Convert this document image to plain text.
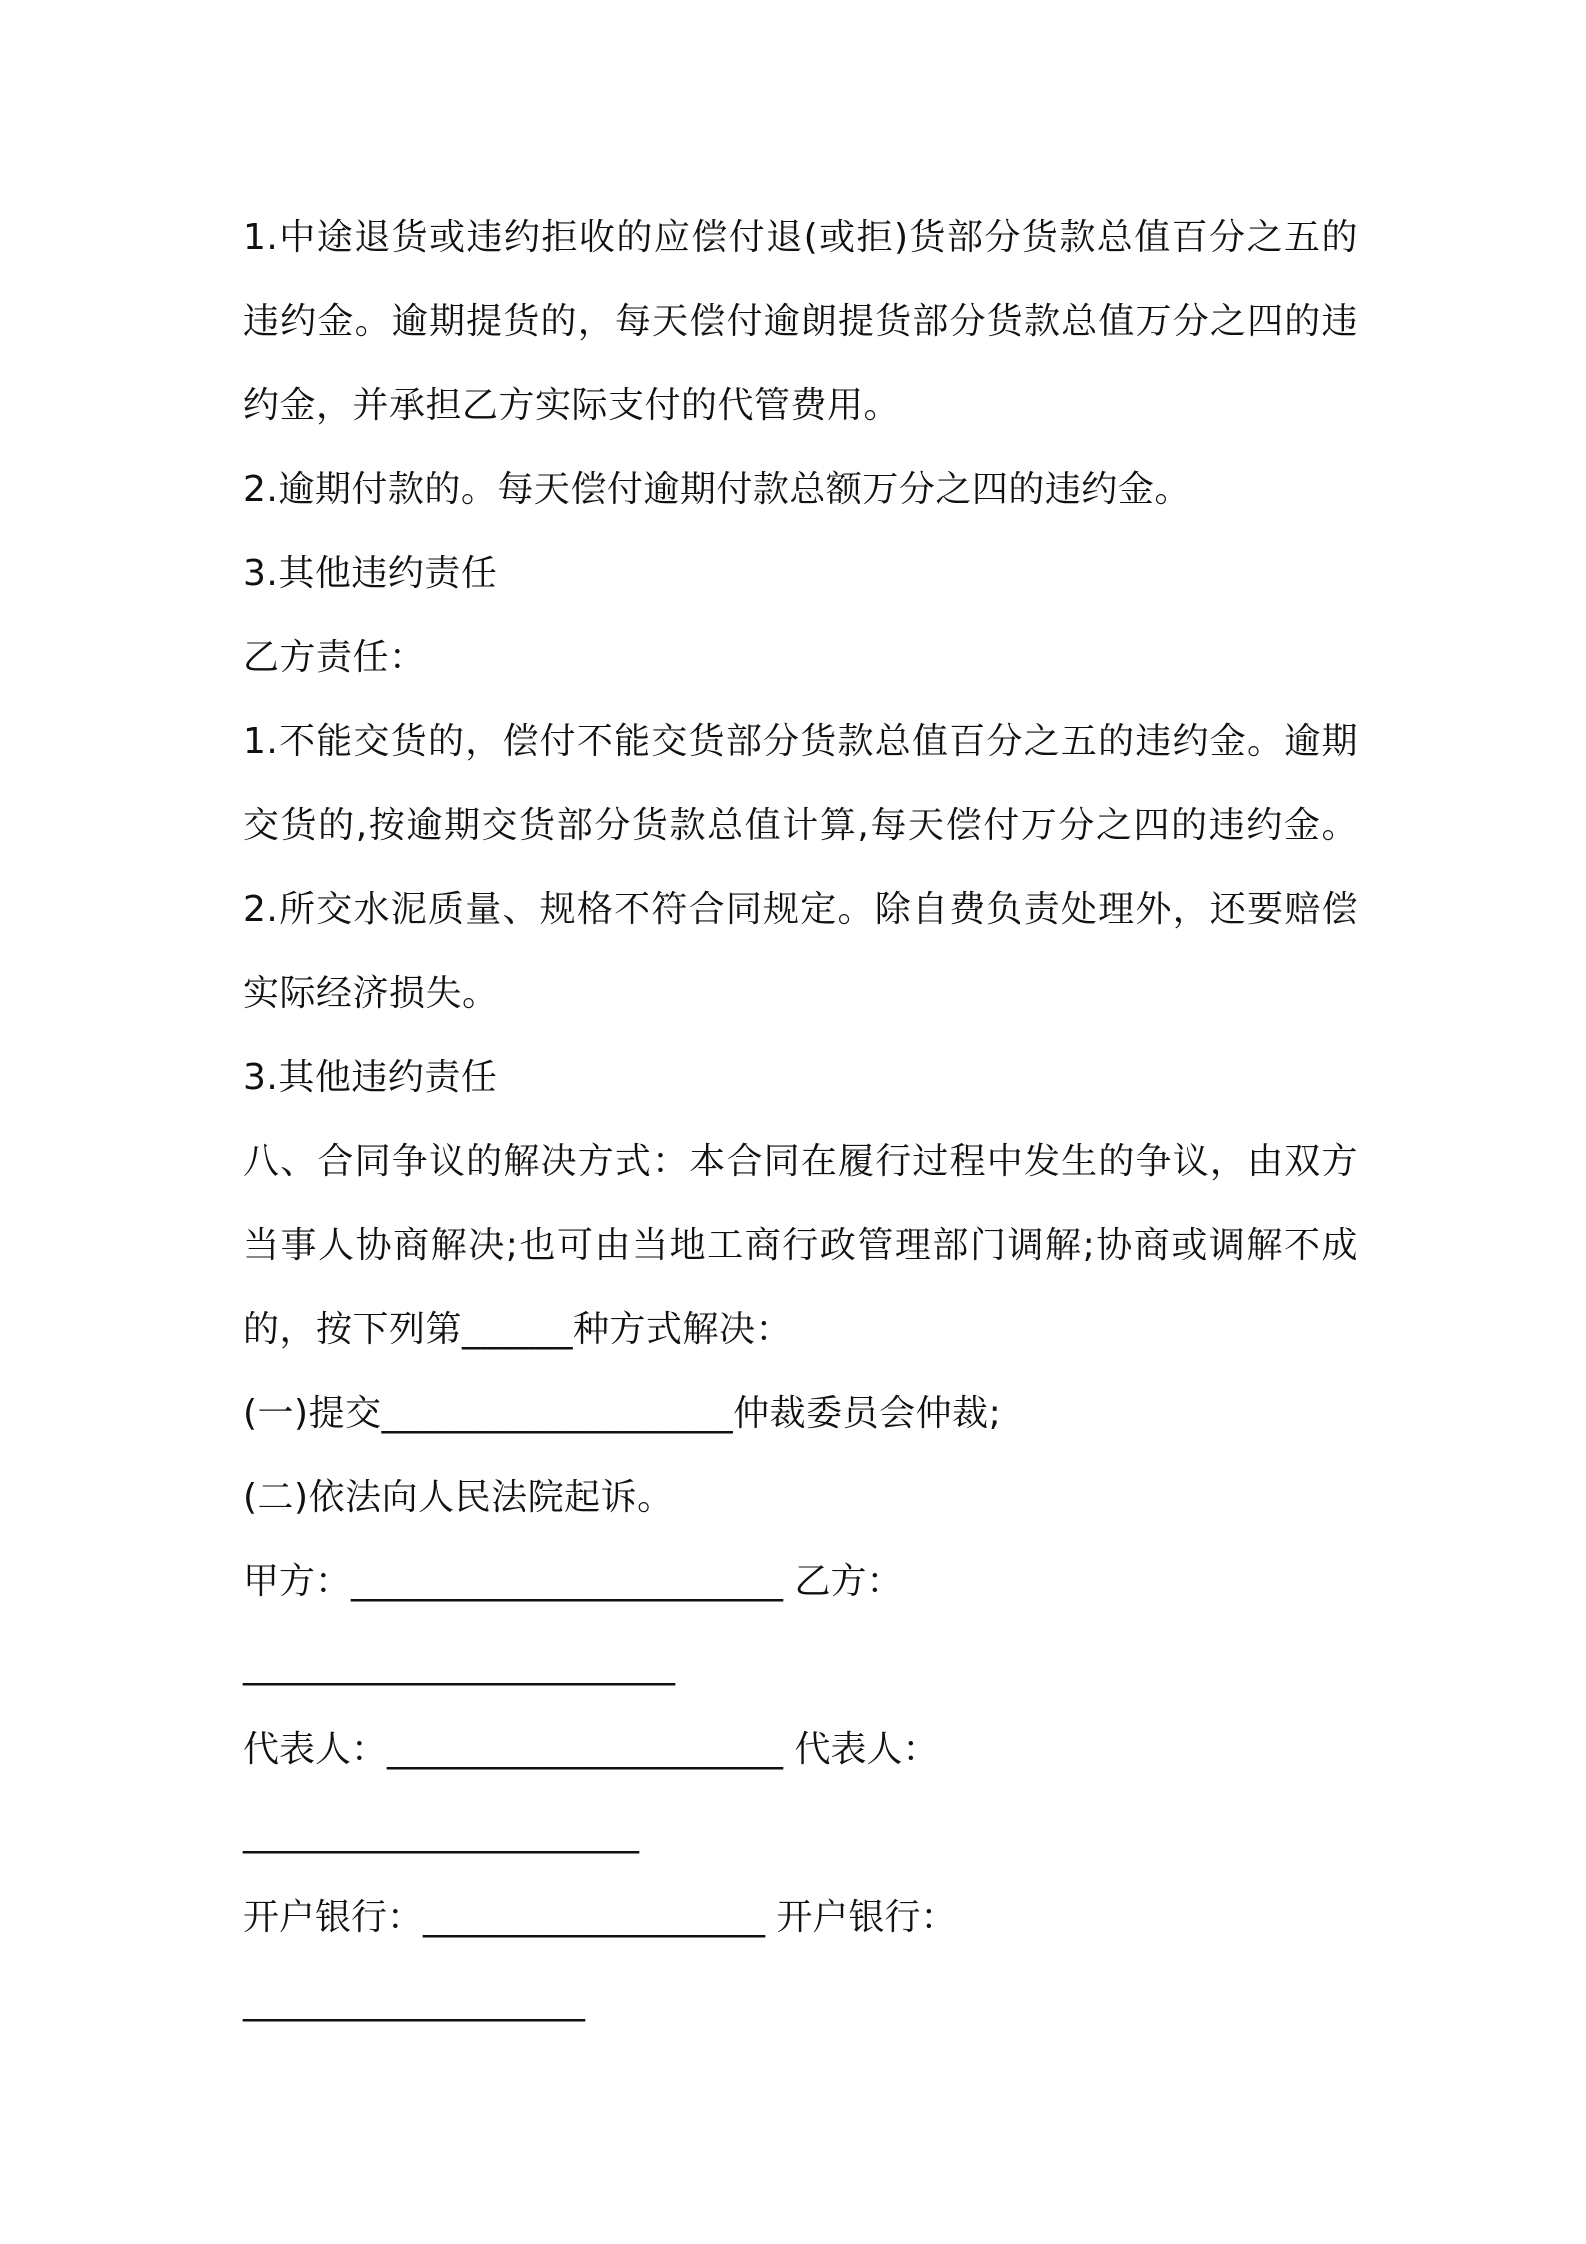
1.中途退货或违约拒收的应偿付退(或拒)货部分货款总值百分之五的
违约金。逾期提货的，每天偿付逾朗提货部分货款总值万分之四的违
约金，并承担乙方实际支付的代管费用。
2.逾期付款的。每天偿付逾期付款总额万分之四的违约金。
3.其他违约责任
乙方责任：
1.不能交货的，偿付不能交货部分货款总值百分之五的违约金。逾期
交货的,按逾期交货部分货款总值计算,每天偿付万分之四的违约金。
2.所交水泥质量、规格不符合同规定。除自费负责处理外，还要赔偿
实际经济损失。
3.其他违约责任
八、合同争议的解决方式：本合同在履行过程中发生的争议，由双方
当事人协商解决;也可由当地工商行政管理部门调解;协商或调解不成
的，按下列第______种方式解决：
(一)提交___________________仲裁委员会仲裁;
(二)依法向人民法院起诉。
甲方：________________________ 乙方：
________________________
代表人：______________________ 代表人：
______________________
开户银行：___________________ 开户银行：
___________________
